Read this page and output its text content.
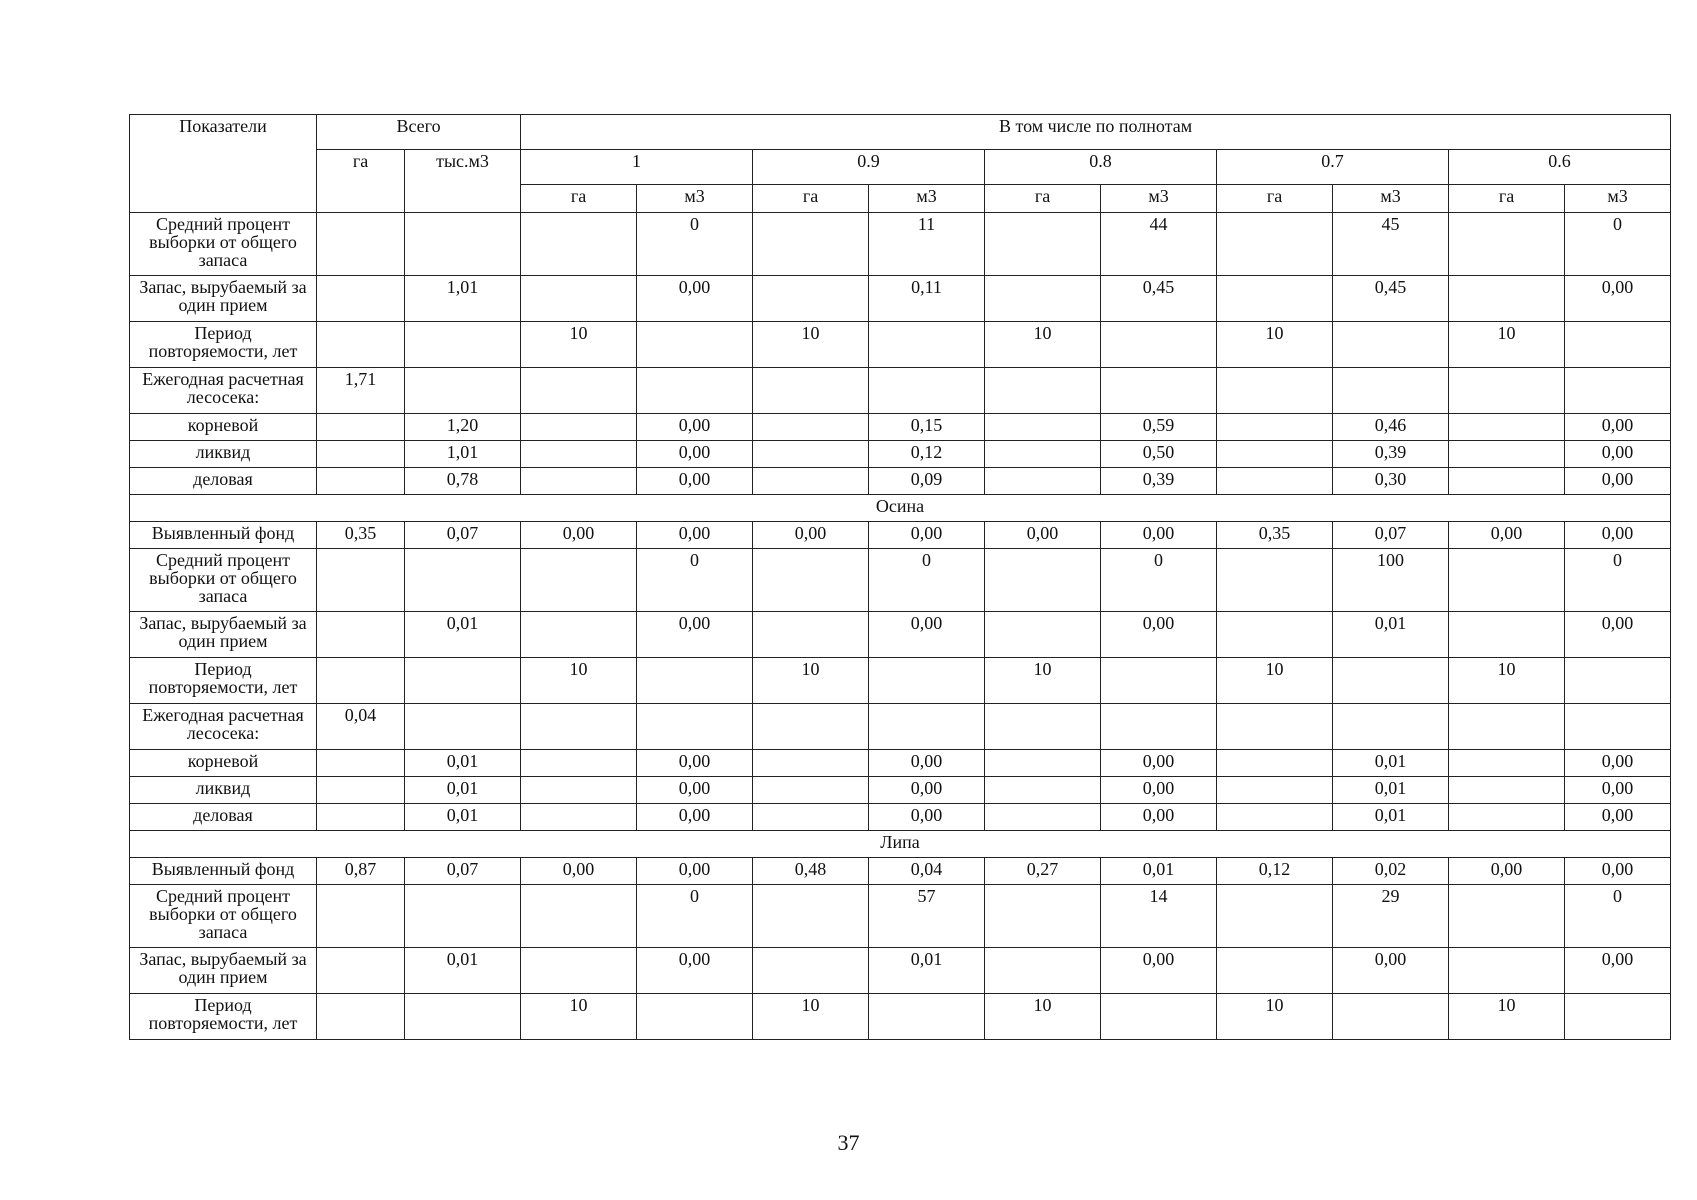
Показатели	Всего		В том числе по полнотам									
	га	тыс.м3	1		0.9		0.8		0.7		0.6	
			га	м3	га	м3	га	м3	га	м3	га	м3
Средний процент выборки от общего запаса				0		11		44		45		0
Запас, вырубаемый за один прием		1,01		0,00		0,11		0,45		0,45		0,00
Период повторяемости, лет			10		10		10		10		10	
Ежегодная расчетная лесосека:	1,71											
корневой		1,20		0,00		0,15		0,59		0,46		0,00
ликвид		1,01		0,00		0,12		0,50		0,39		0,00
деловая		0,78		0,00		0,09		0,39		0,30		0,00
Осина												
Выявленный фонд	0,35	0,07	0,00	0,00	0,00	0,00	0,00	0,00	0,35	0,07	0,00	0,00
Средний процент выборки от общего запаса				0		0		0		100		0
Запас, вырубаемый за один прием		0,01		0,00		0,00		0,00		0,01		0,00
Период повторяемости, лет			10		10		10		10		10	
Ежегодная расчетная лесосека:	0,04											
корневой		0,01		0,00		0,00		0,00		0,01		0,00
ликвид		0,01		0,00		0,00		0,00		0,01		0,00
деловая		0,01		0,00		0,00		0,00		0,01		0,00
Липа												
Выявленный фонд	0,87	0,07	0,00	0,00	0,48	0,04	0,27	0,01	0,12	0,02	0,00	0,00
Средний процент выборки от общего запаса				0		57		14		29		0
Запас, вырубаемый за один прием		0,01		0,00		0,01		0,00		0,00		0,00
Период повторяемости, лет			10		10		10		10		10	
37
